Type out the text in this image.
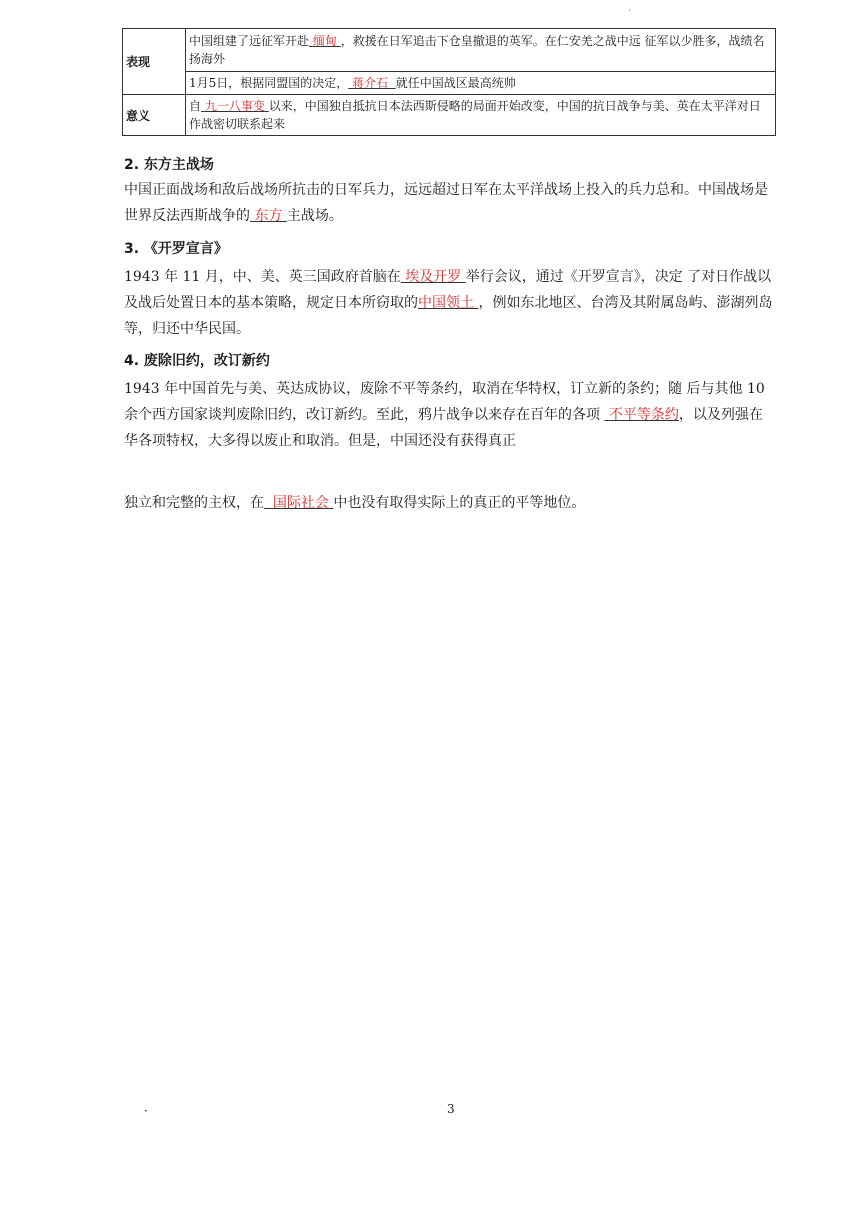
·
表现	中国组建了远征军开赴 缅甸 ，救援在日军追击下仓皇撤退的英军。在仁安羌之战中远 征军以少胜多，战绩名扬海外
	1月5日，根据同盟国的决定， 蒋介石 就任中国战区最高统帅
意义	自 九一八事变 以来，中国独自抵抗日本法西斯侵略的局面开始改变，中国的抗日战争与美、英在太平洋对日作战密切联系起来
2. 东方主战场
中国正面战场和敌后战场所抗击的日军兵力，远远超过日军在太平洋战场上投入的兵力总和。中国战场是世界反法西斯战争的 东方 主战场。
3. 《开罗宣言》
1943 年 11 月，中、美、英三国政府首脑在 埃及开罗 举行会议，通过《开罗宣言》，决定 了对日作战以及战后处置日本的基本策略，规定日本所窃取的中国领土 ，例如东北地区、台湾及其附属岛屿、澎湖列岛等，归还中华民国。
4. 废除旧约，改订新约
1943 年中国首先与美、英达成协议，废除不平等条约，取消在华特权，订立新的条约；随 后与其他 10 余个西方国家谈判废除旧约，改订新约。至此，鸦片战争以来存在百年的各项  不平等条约，以及列强在华各项特权，大多得以废止和取消。但是，中国还没有获得真正
独立和完整的主权，在 国际社会 中也没有取得实际上的真正的平等地位。
·	3
